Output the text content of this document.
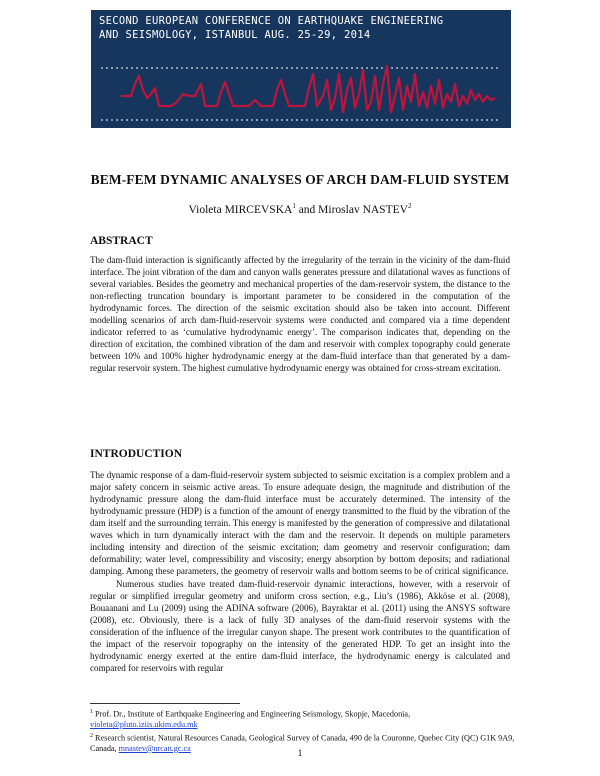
SECOND EUROPEAN CONFERENCE ON EARTHQUAKE ENGINEERING
AND SEISMOLOGY, ISTANBUL AUG. 25-29, 2014
BEM-FEM DYNAMIC ANALYSES OF ARCH DAM-FLUID SYSTEM
Violeta MIRCEVSKA$^1$ and Miroslav NASTEV$^2$
ABSTRACT

The dam-fluid interaction is significantly affected by the irregularity of the terrain in the vicinity of the dam-fluid interface. The joint vibration of the dam and canyon walls generates pressure and dilatational waves as functions of several variables. Besides the geometry and mechanical properties of the dam-reservoir system, the distance to the non-reflecting truncation boundary is important parameter to be considered in the computation of the hydrodynamic forces. The direction of the seismic excitation should also be taken into account. Different modelling scenarios of arch dam-fluid-reservoir systems were conducted and compared via a time dependent indicator referred to as ‘cumulative hydrodynamic energy’. The comparison indicates that, depending on the direction of excitation, the combined vibration of the dam and reservoir with complex topography could generate between 10% and 100% higher hydrodynamic energy at the dam-fluid interface than that generated by a dam-regular reservoir system. The highest cumulative hydrodynamic energy was obtained for cross-stream excitation.

INTRODUCTION

The dynamic response of a dam-fluid-reservoir system subjected to seismic excitation is a complex problem and a major safety concern in seismic active areas. To ensure adequate design, the magnitude and distribution of the hydrodynamic pressure along the dam-fluid interface must be accurately determined. The intensity of the hydrodynamic pressure (HDP) is a function of the amount of energy transmitted to the fluid by the vibration of the dam itself and the surrounding terrain. This energy is manifested by the generation of compressive and dilatational waves which in turn dynamically interact with the dam and the reservoir. It depends on multiple parameters including intensity and direction of the seismic excitation; dam geometry and reservoir configuration; dam deformability; water level, compressibility and viscosity; energy absorption by bottom deposits; and radiational damping. Among these parameters, the geometry of reservoir walls and bottom seems to be of critical significance.

Numerous studies have treated dam-fluid-reservoir dynamic interactions, however, with a reservoir of regular or simplified irregular geometry and uniform cross section, e.g., Liu’s (1986), Akköse et al. (2008), Bouaanani and Lu (2009) using the ADINA software (2006), Bayraktar et al. (2011) using the ANSYS software (2008), etc. Obviously, there is a lack of fully 3D analyses of the dam-fluid reservoir systems with the consideration of the influence of the irregular canyon shape. The present work contributes to the quantification of the impact of the reservoir topography on the intensity of the generated HDP. To get an insight into the hydrodynamic energy exerted at the entire dam-fluid interface, the hydrodynamic energy is calculated and compared for reservoirs with regular

$^1$ Prof. Dr., Institute of Earthquake Engineering and Engineering Seismology, Skopje, Macedonia,
violeta@pluto.iziis.ukim.edu.mk

$^2$ Research scientist, Natural Resources Canada, Geological Survey of Canada, 490 de la Couronne, Quebec City (QC) G1K 9A9, Canada, mnastev@nrcan.gc.ca

1
